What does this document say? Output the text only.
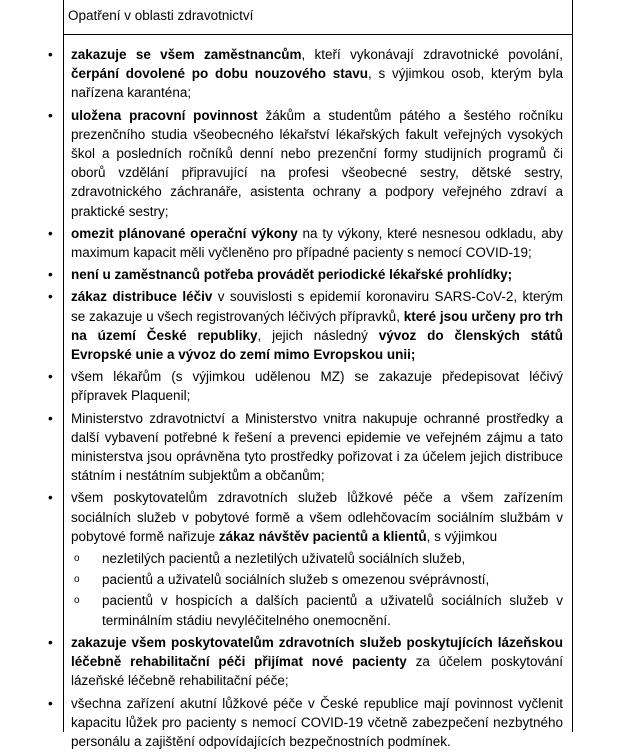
Opatření v oblasti zdravotnictví
• zakazuje se všem zaměstnancům, kteří vykonávají zdravotnické povolání, čerpání dovolené po dobu nouzového stavu, s výjimkou osob, kterým byla nařízena karanténa;
• uložena pracovní povinnost žákům a studentům pátého a šestého ročníku prezenčního studia všeobecného lékařství lékařských fakult veřejných vysokých škol a posledních ročníků denní nebo prezenční formy studijních programů či oborů vzdělání připravující na profesi všeobecné sestry, dětské sestry, zdravotnického záchranáře, asistenta ochrany a podpory veřejného zdraví a praktické sestry;
• omezit plánované operační výkony na ty výkony, které nesnesou odkladu, aby maximum kapacit měli vyčleněno pro případné pacienty s nemocí COVID-19;
• není u zaměstnanců potřeba provádět periodické lékařské prohlídky;
• zákaz distribuce léčiv v souvislosti s epidemií koronaviru SARS-CoV-2, kterým se zakazuje u všech registrovaných léčivých přípravků, které jsou určeny pro trh na území České republiky, jejich následný vývoz do členských států Evropské unie a vývoz do zemí mimo Evropskou unii;
• všem lékařům (s výjimkou udělenou MZ) se zakazuje předepisovat léčivý přípravek Plaquenil;
• Ministerstvo zdravotnictví a Ministerstvo vnitra nakupuje ochranné prostředky a další vybavení potřebné k řešení a prevenci epidemie ve veřejném zájmu a tato ministerstva jsou oprávněna tyto prostředky pořizovat i za účelem jejich distribuce státním i nestátním subjektům a občanům;
• všem poskytovatelům zdravotních služeb lůžkové péče a všem zařízením sociálních služeb v pobytové formě a všem odlehčovacím sociálním službám v pobytové formě nařizuje zákaz návštěv pacientů a klientů, s výjimkou
o nezletilých pacientů a nezletilých uživatelů sociálních služeb,
o pacientů a uživatelů sociálních služeb s omezenou svéprávností,
o pacientů v hospicích a dalších pacientů a uživatelů sociálních služeb v terminálním stádiu nevyléčitelného onemocnění.
• zakazuje všem poskytovatelům zdravotních služeb poskytujících lázeňskou léčebně rehabilitační péči přijímat nové pacienty za účelem poskytování lázeňské léčebně rehabilitační péče;
• všechna zařízení akutní lůžkové péče v České republice mají povinnost vyčlenit kapacitu lůžek pro pacienty s nemocí COVID-19 včetně zabezpečení nezbytného personálu a zajištění odpovídajících bezpečnostních podmínek.
